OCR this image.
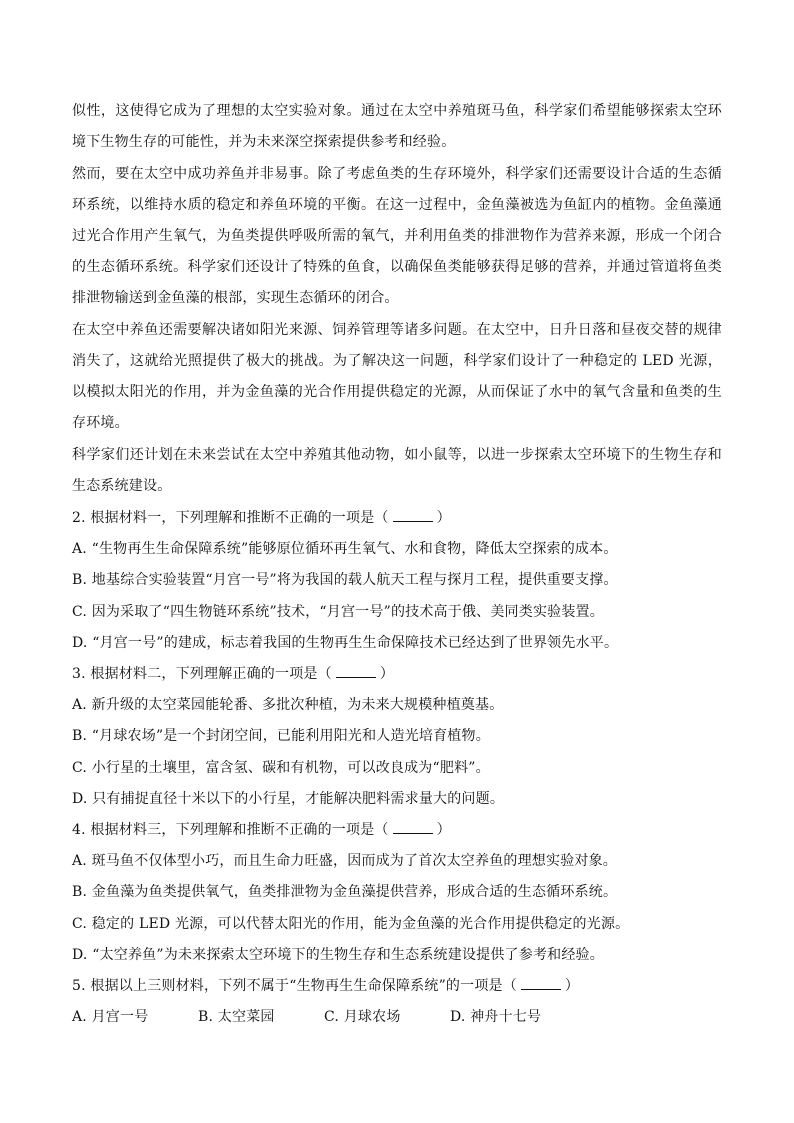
似性，这使得它成为了理想的太空实验对象。通过在太空中养殖斑马鱼，科学家们希望能够探索太空环境下生物生存的可能性，并为未来深空探索提供参考和经验。

然而，要在太空中成功养鱼并非易事。除了考虑鱼类的生存环境外，科学家们还需要设计合适的生态循环系统，以维持水质的稳定和养鱼环境的平衡。在这一过程中，金鱼藻被选为鱼缸内的植物。金鱼藻通过光合作用产生氧气，为鱼类提供呼吸所需的氧气，并利用鱼类的排泄物作为营养来源，形成一个闭合的生态循环系统。科学家们还设计了特殊的鱼食，以确保鱼类能够获得足够的营养，并通过管道将鱼类排泄物输送到金鱼藻的根部，实现生态循环的闭合。

在太空中养鱼还需要解决诸如阳光来源、饲养管理等诸多问题。在太空中，日升日落和昼夜交替的规律消失了，这就给光照提供了极大的挑战。为了解决这一问题，科学家们设计了一种稳定的 LED 光源，以模拟太阳光的作用，并为金鱼藻的光合作用提供稳定的光源，从而保证了水中的氧气含量和鱼类的生存环境。

科学家们还计划在未来尝试在太空中养殖其他动物，如小鼠等，以进一步探索太空环境下的生物生存和生态系统建设。

2. 根据材料一，下列理解和推断不正确的一项是（	）
A. “生物再生生命保障系统”能够原位循环再生氧气、水和食物，降低太空探索的成本。
B. 地基综合实验装置“月宫一号”将为我国的载人航天工程与探月工程，提供重要支撑。
C. 因为采取了“四生物链环系统”技术，“月宫一号”的技术高于俄、美同类实验装置。
D. “月宫一号”的建成，标志着我国的生物再生生命保障技术已经达到了世界领先水平。
3. 根据材料二，下列理解正确的一项是（	）
A. 新升级的太空菜园能轮番、多批次种植，为未来大规模种植奠基。
B. “月球农场”是一个封闭空间，已能利用阳光和人造光培育植物。
C. 小行星的土壤里，富含氢、碳和有机物，可以改良成为“肥料”。
D. 只有捕捉直径十米以下的小行星，才能解决肥料需求量大的问题。
4. 根据材料三，下列理解和推断不正确的一项是（	）
A. 斑马鱼不仅体型小巧，而且生命力旺盛，因而成为了首次太空养鱼的理想实验对象。
B. 金鱼藻为鱼类提供氧气，鱼类排泄物为金鱼藻提供营养，形成合适的生态循环系统。
C. 稳定的 LED 光源，可以代替太阳光的作用，能为金鱼藻的光合作用提供稳定的光源。
D. “太空养鱼”为未来探索太空环境下的生物生存和生态系统建设提供了参考和经验。
5. 根据以上三则材料，下列不属于“生物再生生命保障系统”的一项是（	）
A. 月宫一号	B. 太空菜园	C. 月球农场	D. 神舟十七号
